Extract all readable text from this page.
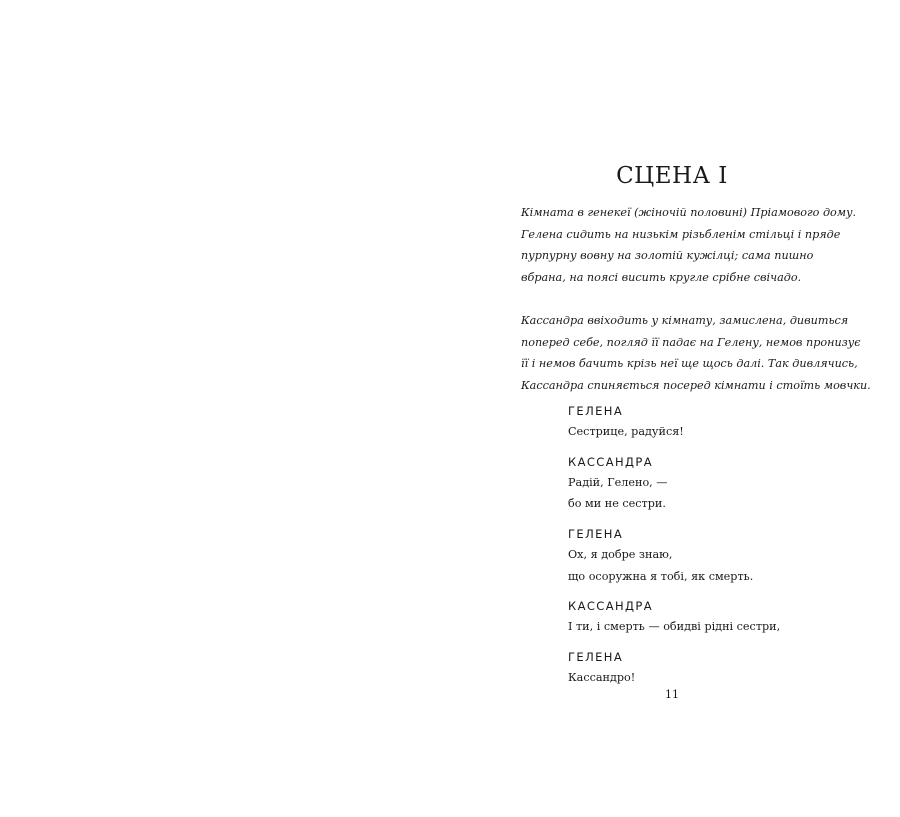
СЦЕНА I

Кімната в генекеї (жіночій половині) Пріамового дому.
Гелена сидить на низькім різьбленім стільці і пряде
пурпурну вовну на золотій кужілці; сама пишно
вбрана, на поясі висить кругле срібне свічадо.

Кассандра ввіходить у кімнату, замислена, дивиться
поперед себе, погляд її падає на Гелену, немов пронизує
її і немов бачить крізь неї ще щось далі. Так дивлячись,
Кассандра спиняється посеред кімнати і стоїть мовчки.

ГЕЛЕНА
Сестрице, радуйся!
КАССАНДРА
Радій, Гелено, —
бо ми не сестри.
ГЕЛЕНА
Ох, я добре знаю,
що осоружна я тобі, як смерть.
КАССАНДРА
І ти, і смерть — обидві рідні сестри,
ГЕЛЕНА
Кассандро!
11
